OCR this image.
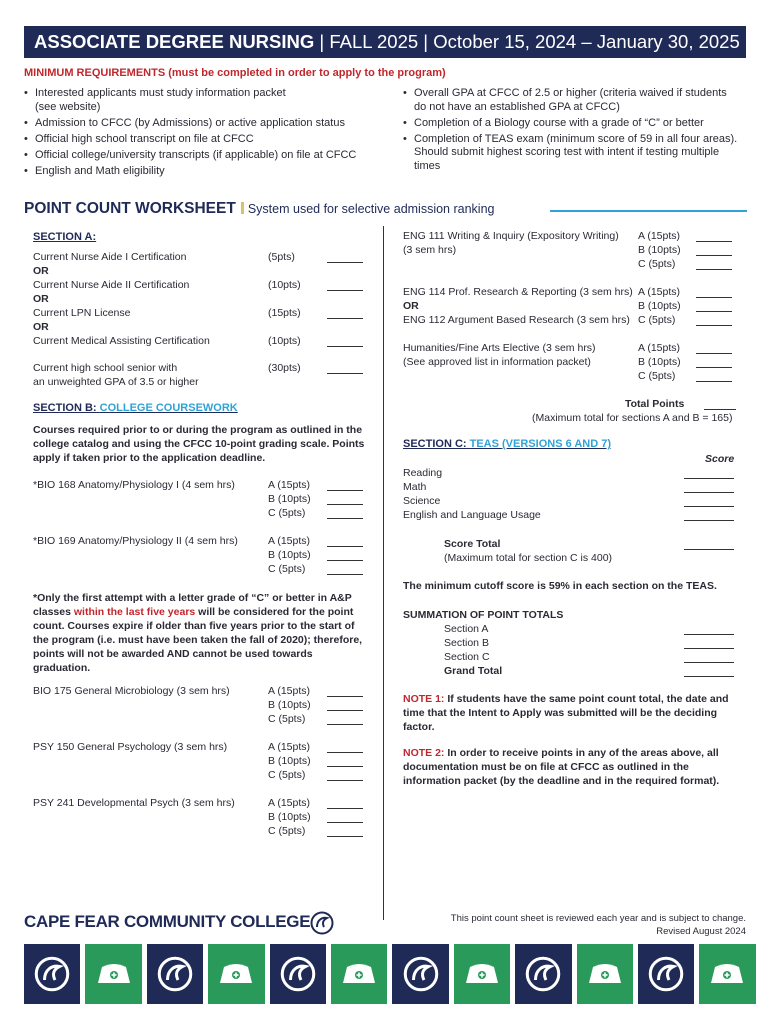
ASSOCIATE DEGREE NURSING | FALL 2025 | October 15, 2024 – January 30, 2025
MINIMUM REQUIREMENTS (must be completed in order to apply to the program)
• Interested applicants must study information packet (see website)
• Admission to CFCC (by Admissions) or active application status
• Official high school transcript on file at CFCC
• Official college/university transcripts (if applicable) on file at CFCC
• English and Math eligibility
• Overall GPA at CFCC of 2.5 or higher (criteria waived if students do not have an established GPA at CFCC)
• Completion of a Biology course with a grade of “C” or better
• Completion of TEAS exam (minimum score of 59 in all four areas). Should submit highest scoring test with intent if testing multiple times
POINT COUNT WORKSHEET System used for selective admission ranking
SECTION A:
Current Nurse Aide I Certification	(5pts)
OR
Current Nurse Aide II Certification	(10pts)
OR
Current LPN License	(15pts)
OR
Current Medical Assisting Certification	(10pts)
Current high school senior with
an unweighted GPA of 3.5 or higher
(30pts)
SECTION B: COLLEGE COURSEWORK
Courses required prior to or during the program as outlined in the college catalog and using the CFCC 10-point grading scale. Points apply if taken prior to the application deadline.
*BIO 168 Anatomy/Physiology I (4 sem hrs)	A (15pts)
B (10pts)
C (5pts)
*BIO 169 Anatomy/Physiology II (4 sem hrs)	A (15pts)
B (10pts)
C (5pts)
*Only the first attempt with a letter grade of “C” or better in A&P classes within the last five years will be considered for the point count. Courses expire if older than five years prior to the start of the program (i.e. must have been taken the fall of 2020); therefore, points will not be awarded AND cannot be used towards graduation.
BIO 175 General Microbiology (3 sem hrs)	A (15pts)
B (10pts)
C (5pts)
PSY 150 General Psychology (3 sem hrs)	A (15pts)
B (10pts)
C (5pts)
PSY 241 Developmental Psych (3 sem hrs)	A (15pts)
B (10pts)
C (5pts)
ENG 111 Writing & Inquiry (Expository Writing)
(3 sem hrs)
A (15pts)
B (10pts)
C (5pts)
ENG 114 Prof. Research & Reporting (3 sem hrs)
OR
ENG 112 Argument Based Research (3 sem hrs)
A (15pts)
B (10pts)
C (5pts)
Humanities/Fine Arts Elective (3 sem hrs)
(See approved list in information packet)
A (15pts)
B (10pts)
C (5pts)
Total Points
(Maximum total for sections A and B = 165)
SECTION C: TEAS (VERSIONS 6 AND 7)
Score
Reading
Math
Science
English and Language Usage
Score Total
(Maximum total for section C is 400)
The minimum cutoff score is 59% in each section on the TEAS.
SUMMATION OF POINT TOTALS
Section A
Section B
Section C
Grand Total
NOTE 1: If students have the same point count total, the date and time that the Intent to Apply was submitted will be the deciding factor.
NOTE 2: In order to receive points in any of the areas above, all documentation must be on file at CFCC as outlined in the information packet (by the deadline and in the required format).
CAPE FEAR COMMUNITY COLLEGE	This point count sheet is reviewed each year and is subject to change.
Revised August 2024
